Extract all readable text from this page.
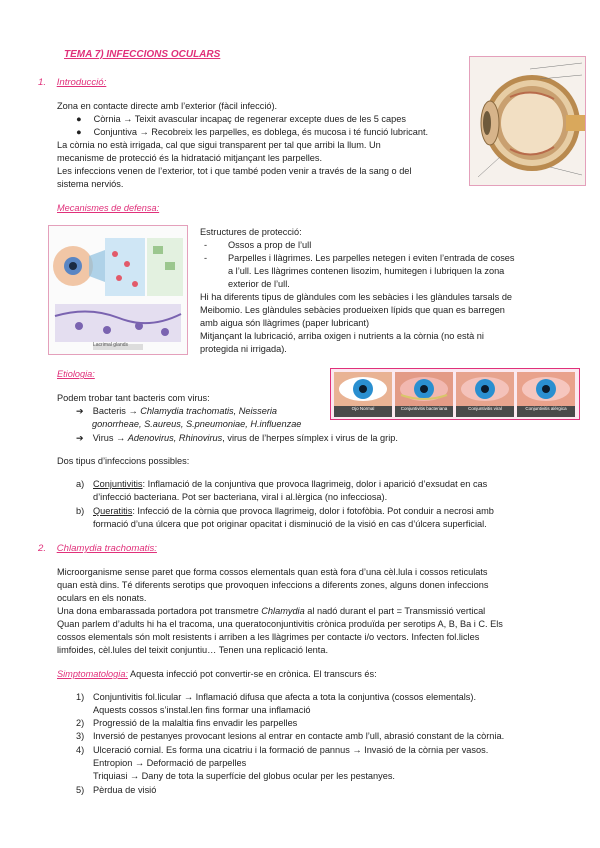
TEMA 7) INFECCIONS OCULARS
1. Introducció:
Zona en contacte directe amb l’exterior (fàcil infecció).
● Còrnia → Teixit avascular incapaç de regenerar excepte dues de les 5 capes
● Conjuntiva → Recobreix les parpelles, es doblega, és mucosa i té funció lubricant.
La còrnia no està irrigada, cal que sigui transparent per tal que arribi la llum. Un
mecanisme de protecció és la hidratació mitjançant les parpelles.
Les infeccions venen de l’exterior, tot i que també poden venir a través de la sang o del
sistema nerviós.
Mecanismes de defensa:
Lacrimal glands
Estructures de protecció:
- Ossos a prop de l’ull
- Parpelles i llàgrimes. Les parpelles netegen i eviten l’entrada de coses
a l’ull. Les llàgrimes contenen lisozim, humitegen i lubriquen la zona
exterior de l’ull.
Hi ha diferents tipus de glàndules com les sebàcies i les glàndules tarsals de
Meibomio. Les glàndules sebàcies produeixen lípids que quan es barregen
amb aigua són llàgrimes (paper lubricant)
Mitjançant la lubricació, arriba oxigen i nutrients a la còrnia (no està ni
protegida ni irrigada).
Etiologia:
Ojo Normal	Conjuntivitis bacteriana	Conjuntivitis viral	Conjuntivitis alérgica
Podem trobar tant bacteris com virus:
➔ Bacteris → Chlamydia trachomatis, Neisseria
gonorrheae, S.aureus, S.pneumoniae, H.influenzae
➔ Virus → Adenovirus, Rhinovirus, virus de l’herpes símplex i virus de la grip.
Dos tipus d’infeccions possibles:
a) Conjuntivitis: Inflamació de la conjuntiva que provoca llagrimeig, dolor i aparició d’exsudat en cas
d’infecció bacteriana. Pot ser bacteriana, viral i al.lèrgica (no infecciosa).
b) Queratitis: Infecció de la còrnia que provoca llagrimeig, dolor i fotofòbia. Pot conduir a necrosi amb
formació d’una úlcera que pot originar opacitat i disminució de la visió en cas d’úlcera superficial.
2. Chlamydia trachomatis:
Microorganisme sense paret que forma cossos elementals quan està fora d’una cèl.lula i cossos reticulats
quan està dins. Té diferents serotips que provoquen infeccions a diferents zones, alguns donen infeccions
oculars en els nonats.
Una dona embarassada portadora pot transmetre Chlamydia al nadó durant el part = Transmissió vertical
Quan parlem d’adults hi ha el tracoma, una queratoconjuntivitis crònica produïda per serotips A, B, Ba i C. Els
cossos elementals són molt resistents i arriben a les llàgrimes per contacte i/o vectors. Infecten fol.licles
limfoides, cèl.lules del teixit conjuntiu… Tenen una replicació lenta.
Simptomatologia: Aquesta infecció pot convertir-se en crònica. El transcurs és:
1) Conjuntivitis fol.licular → Inflamació difusa que afecta a tota la conjuntiva (cossos elementals).
Aquests cossos s’instal.len fins formar una inflamació
2) Progressió de la malaltia fins envadir les parpelles
3) Inversió de pestanyes provocant lesions al entrar en contacte amb l’ull, abrasió constant de la còrnia.
4) Ulceració cornial. Es forma una cicatriu i la formació de pannus → Invasió de la còrnia per vasos.
Entropion → Deformació de parpelles
Triquiasi → Dany de tota la superfície del globus ocular per les pestanyes.
5) Pèrdua de visió
